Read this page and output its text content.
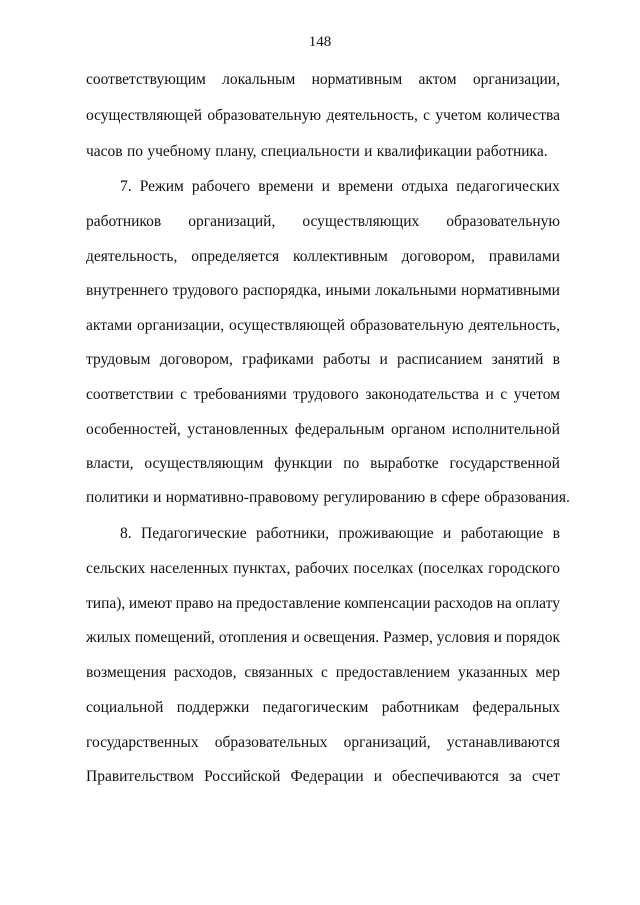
148
соответствующим локальным нормативным актом организации,
осуществляющей образовательную деятельность, с учетом количества
часов по учебному плану, специальности и квалификации работника.
7. Режим рабочего времени и времени отдыха педагогических
работников организаций, осуществляющих образовательную
деятельность, определяется коллективным договором, правилами
внутреннего трудового распорядка, иными локальными нормативными
актами организации, осуществляющей образовательную деятельность,
трудовым договором, графиками работы и расписанием занятий в
соответствии с требованиями трудового законодательства и с учетом
особенностей, установленных федеральным органом исполнительной
власти, осуществляющим функции по выработке государственной
политики и нормативно-правовому регулированию в сфере образования.
8. Педагогические работники, проживающие и работающие в
сельских населенных пунктах, рабочих поселках (поселках городского
типа), имеют право на предоставление компенсации расходов на оплату
жилых помещений, отопления и освещения. Размер, условия и порядок
возмещения расходов, связанных с предоставлением указанных мер
социальной поддержки педагогическим работникам федеральных
государственных образовательных организаций, устанавливаются
Правительством Российской Федерации и обеспечиваются за счет
